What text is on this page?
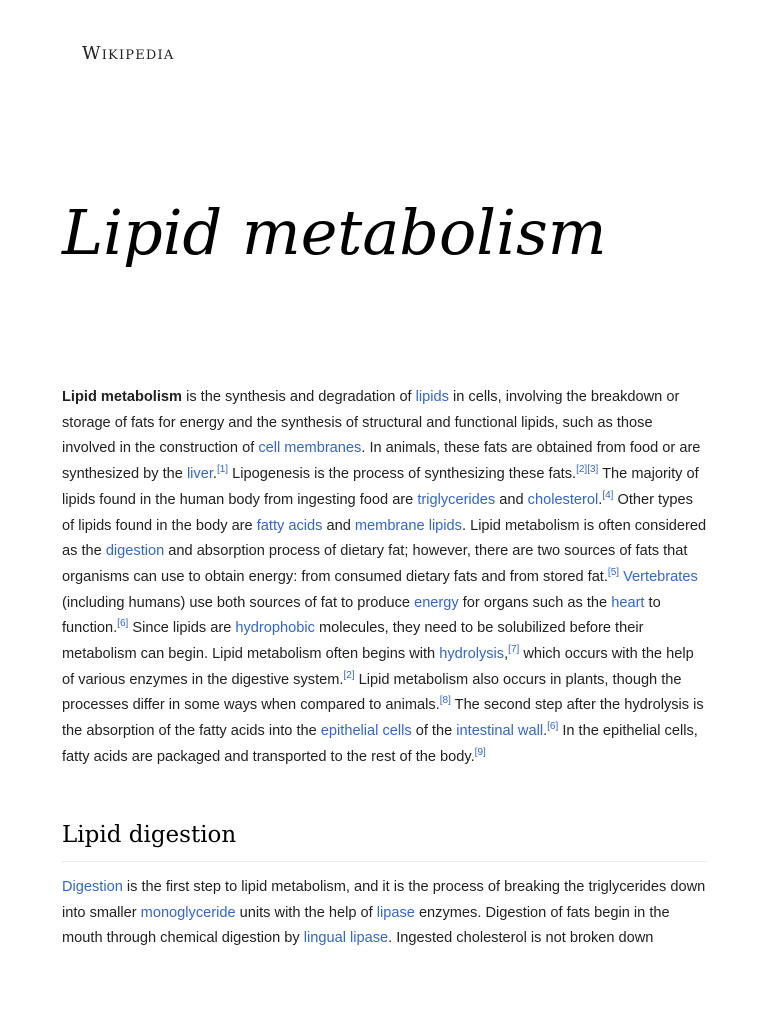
Wikipedia
Lipid metabolism

Lipid metabolism is the synthesis and degradation of lipids in cells, involving the breakdown or storage of fats for energy and the synthesis of structural and functional lipids, such as those involved in the construction of cell membranes. In animals, these fats are obtained from food or are synthesized by the liver.[1] Lipogenesis is the process of synthesizing these fats.[2][3] The majority of lipids found in the human body from ingesting food are triglycerides and cholesterol.[4] Other types of lipids found in the body are fatty acids and membrane lipids. Lipid metabolism is often considered as the digestion and absorption process of dietary fat; however, there are two sources of fats that organisms can use to obtain energy: from consumed dietary fats and from stored fat.[5] Vertebrates (including humans) use both sources of fat to produce energy for organs such as the heart to function.[6] Since lipids are hydrophobic molecules, they need to be solubilized before their metabolism can begin. Lipid metabolism often begins with hydrolysis,[7] which occurs with the help of various enzymes in the digestive system.[2] Lipid metabolism also occurs in plants, though the processes differ in some ways when compared to animals.[8] The second step after the hydrolysis is the absorption of the fatty acids into the epithelial cells of the intestinal wall.[6] In the epithelial cells, fatty acids are packaged and transported to the rest of the body.[9]

Lipid digestion

Digestion is the first step to lipid metabolism, and it is the process of breaking the triglycerides down into smaller monoglyceride units with the help of lipase enzymes. Digestion of fats begin in the mouth through chemical digestion by lingual lipase. Ingested cholesterol is not broken down
